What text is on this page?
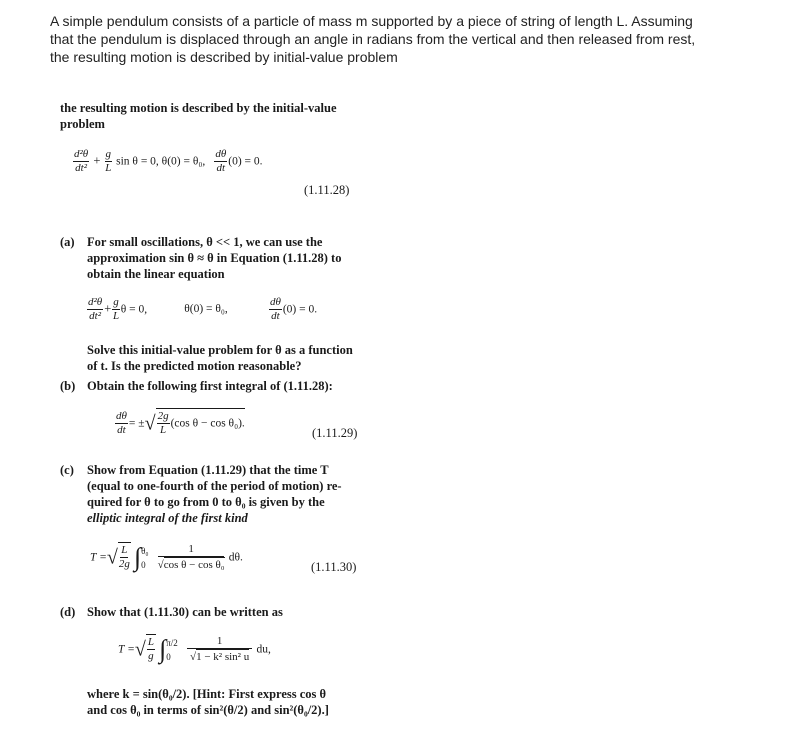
A simple pendulum consists of a particle of mass m supported by a piece of string of length L. Assuming
that the pendulum is displaced through an angle in radians from the vertical and then released from rest,
the resulting motion is described by initial-value problem
the resulting motion is described by the initial-value
problem
$\frac{\text{d²θ}}{\text{dt²}} + \frac{g}{L}$ sin θ = 0, θ(0) = θ₀, $\frac{d\theta}{dt} (0) = 0$.
(1.11.28)
(a) For small oscillations, θ << 1, we can use the
approximation sin θ ≈ θ in Equation (1.11.28) to
obtain the linear equation
$\frac{\text{d²θ}}{\text{dt²}} + \frac{g}{L}$ θ = 0,	θ(0) = θ₀,	$\frac{d\theta}{dt} (0) = 0$.
Solve this initial-value problem for θ as a function
of t. Is the predicted motion reasonable?
(b) Obtain the following first integral of (1.11.28):
$\frac{d\theta}{dt}$ = ±√ $\frac{2g}{L} (\cos$ θ − cos θ₀).
(1.11.29)
(c) Show from Equation (1.11.29) that the time T
(equal to one-fourth of the period of motion) re-
quired for θ to go from 0 to θ₀ is given by the
elliptic integral of the first kind
T =√ $\frac{L}{2g}$ ∫ θ₀
0
$\frac{1}{\text{√cos θ − cos θ₀}} d\theta$.
(1.11.30)
(d) Show that (1.11.30) can be written as
T =√ $\frac{L}{g}$ ∫ π/2
0
	$\frac{1}{\text{√1 − k² sin² u}}$ du,
where k = sin(θ₀/2). [Hint: First express cos θ
and cos θ₀ in terms of sin²(θ/2) and sin²(θ₀/2).]
